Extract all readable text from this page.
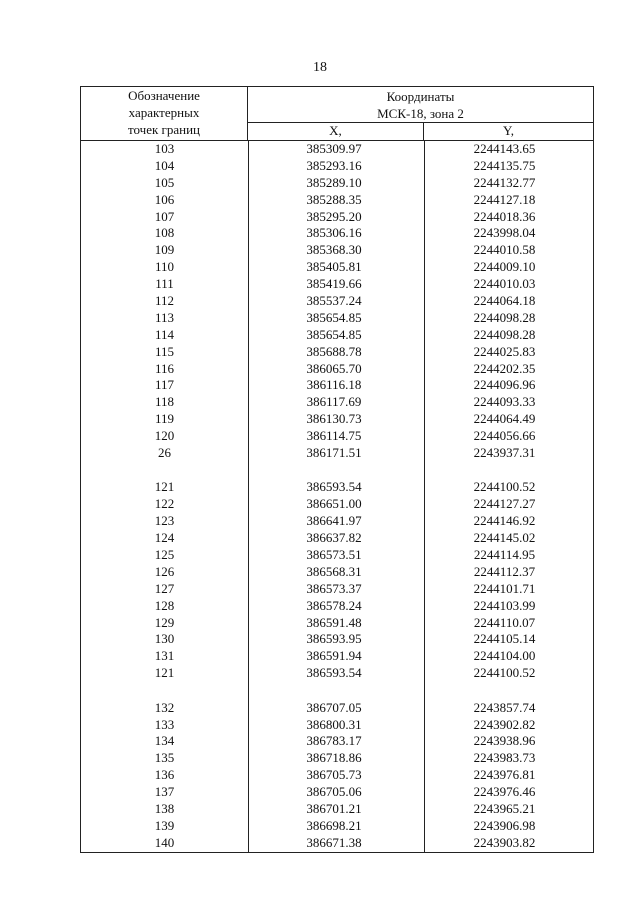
18
Обозначение
характерных
точек границ
Координаты
МСК-18, зона 2
X,	Y,
103	385309.97	2244143.65
104	385293.16	2244135.75
105	385289.10	2244132.77
106	385288.35	2244127.18
107	385295.20	2244018.36
108	385306.16	2243998.04
109	385368.30	2244010.58
110	385405.81	2244009.10
111	385419.66	2244010.03
112	385537.24	2244064.18
113	385654.85	2244098.28
114	385654.85	2244098.28
115	385688.78	2244025.83
116	386065.70	2244202.35
117	386116.18	2244096.96
118	386117.69	2244093.33
119	386130.73	2244064.49
120	386114.75	2244056.66
26	386171.51	2243937.31
121	386593.54	2244100.52
122	386651.00	2244127.27
123	386641.97	2244146.92
124	386637.82	2244145.02
125	386573.51	2244114.95
126	386568.31	2244112.37
127	386573.37	2244101.71
128	386578.24	2244103.99
129	386591.48	2244110.07
130	386593.95	2244105.14
131	386591.94	2244104.00
121	386593.54	2244100.52
132	386707.05	2243857.74
133	386800.31	2243902.82
134	386783.17	2243938.96
135	386718.86	2243983.73
136	386705.73	2243976.81
137	386705.06	2243976.46
138	386701.21	2243965.21
139	386698.21	2243906.98
140	386671.38	2243903.82
